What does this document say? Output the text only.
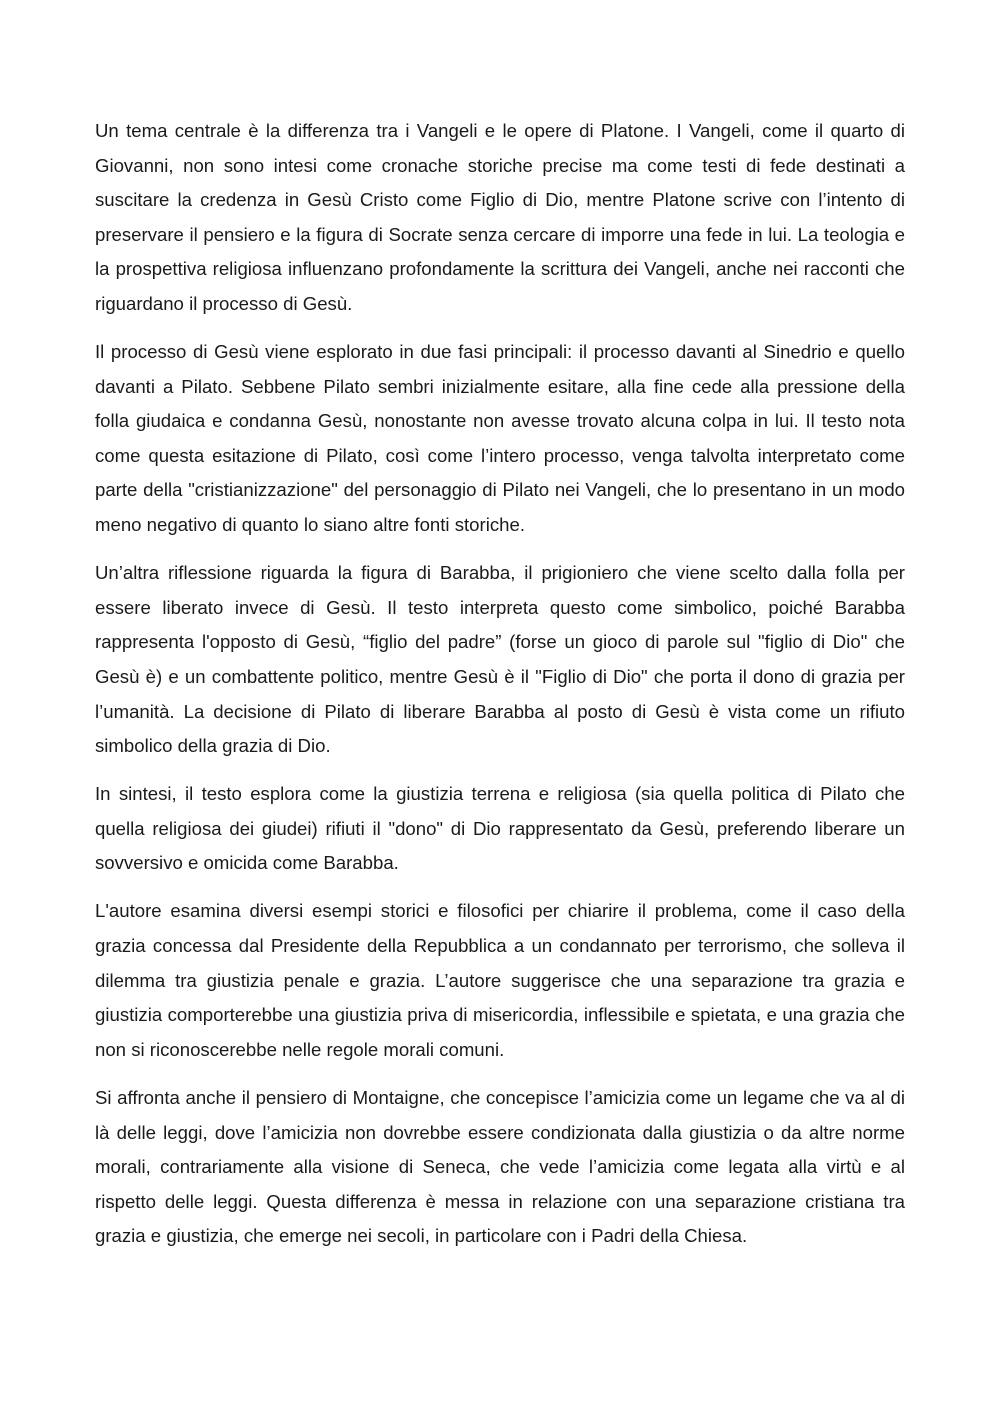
Un tema centrale è la differenza tra i Vangeli e le opere di Platone. I Vangeli, come il quarto di Giovanni, non sono intesi come cronache storiche precise ma come testi di fede destinati a suscitare la credenza in Gesù Cristo come Figlio di Dio, mentre Platone scrive con l’intento di preservare il pensiero e la figura di Socrate senza cercare di imporre una fede in lui. La teologia e la prospettiva religiosa influenzano profondamente la scrittura dei Vangeli, anche nei racconti che riguardano il processo di Gesù.

Il processo di Gesù viene esplorato in due fasi principali: il processo davanti al Sinedrio e quello davanti a Pilato. Sebbene Pilato sembri inizialmente esitare, alla fine cede alla pressione della folla giudaica e condanna Gesù, nonostante non avesse trovato alcuna colpa in lui. Il testo nota come questa esitazione di Pilato, così come l’intero processo, venga talvolta interpretato come parte della "cristianizzazione" del personaggio di Pilato nei Vangeli, che lo presentano in un modo meno negativo di quanto lo siano altre fonti storiche.

Un’altra riflessione riguarda la figura di Barabba, il prigioniero che viene scelto dalla folla per essere liberato invece di Gesù. Il testo interpreta questo come simbolico, poiché Barabba rappresenta l'opposto di Gesù, “figlio del padre” (forse un gioco di parole sul "figlio di Dio" che Gesù è) e un combattente politico, mentre Gesù è il "Figlio di Dio" che porta il dono di grazia per l’umanità. La decisione di Pilato di liberare Barabba al posto di Gesù è vista come un rifiuto simbolico della grazia di Dio.

In sintesi, il testo esplora come la giustizia terrena e religiosa (sia quella politica di Pilato che quella religiosa dei giudei) rifiuti il "dono" di Dio rappresentato da Gesù, preferendo liberare un sovversivo e omicida come Barabba.

L'autore esamina diversi esempi storici e filosofici per chiarire il problema, come il caso della grazia concessa dal Presidente della Repubblica a un condannato per terrorismo, che solleva il dilemma tra giustizia penale e grazia. L’autore suggerisce che una separazione tra grazia e giustizia comporterebbe una giustizia priva di misericordia, inflessibile e spietata, e una grazia che non si riconoscerebbe nelle regole morali comuni.

Si affronta anche il pensiero di Montaigne, che concepisce l’amicizia come un legame che va al di là delle leggi, dove l’amicizia non dovrebbe essere condizionata dalla giustizia o da altre norme morali, contrariamente alla visione di Seneca, che vede l’amicizia come legata alla virtù e al rispetto delle leggi. Questa differenza è messa in relazione con una separazione cristiana tra grazia e giustizia, che emerge nei secoli, in particolare con i Padri della Chiesa.
